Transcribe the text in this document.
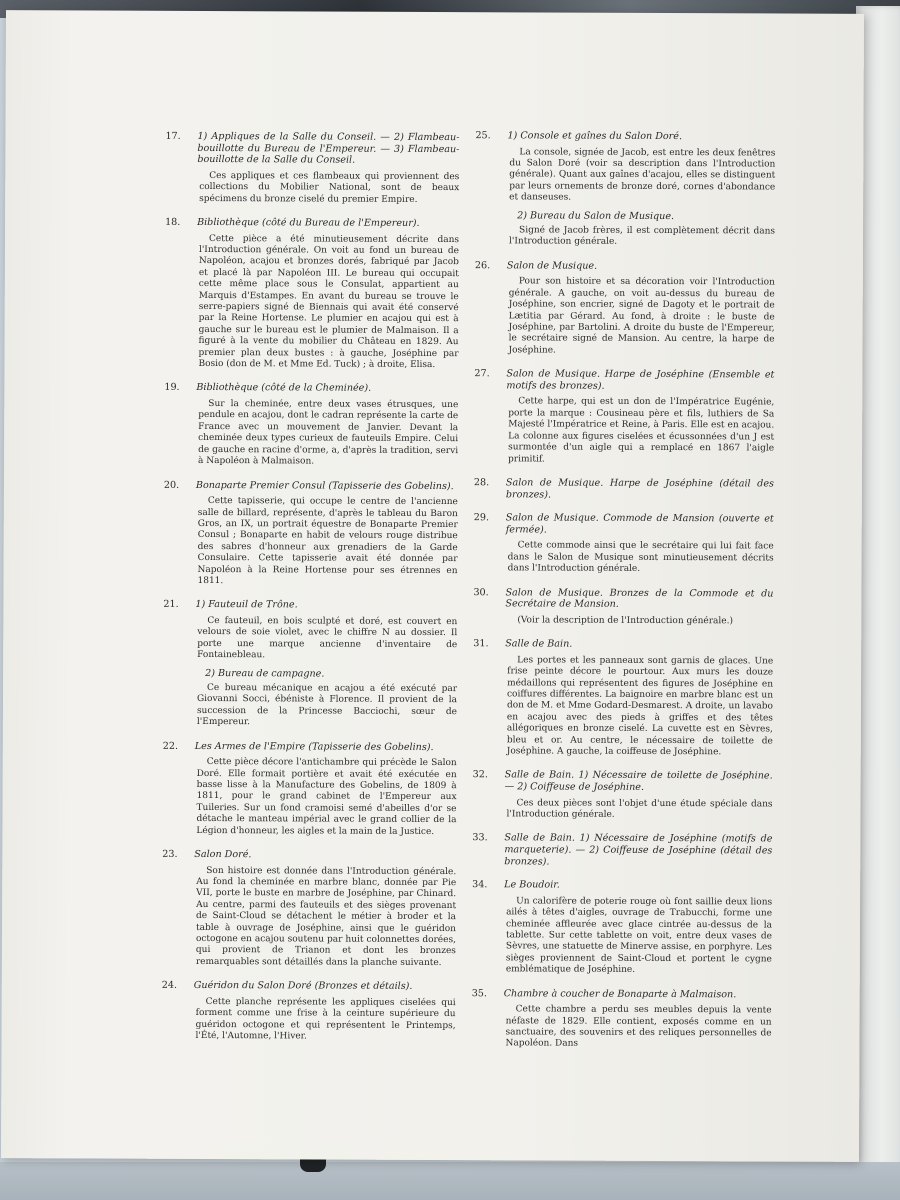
17. 1) Appliques de la Salle du Conseil. — 2) Flambeau-bouillotte du Bureau de l'Empereur. — 3) Flambeau-bouillotte de la Salle du Conseil.

Ces appliques et ces flambeaux qui proviennent des collections du Mobilier National, sont de beaux spécimens du bronze ciselé du premier Empire.

18. Bibliothèque (côté du Bureau de l'Empereur).

Cette pièce a été minutieusement décrite dans l'Introduction générale. On voit au fond un bureau de Napoléon, acajou et bronzes dorés, fabriqué par Jacob et placé là par Napoléon III. Le bureau qui occupait cette même place sous le Consulat, appartient au Marquis d'Estampes. En avant du bureau se trouve le serre-papiers signé de Biennais qui avait été conservé par la Reine Hortense. Le plumier en acajou qui est à gauche sur le bureau est le plumier de Malmaison. Il a figuré à la vente du mobilier du Château en 1829. Au premier plan deux bustes : à gauche, Joséphine par Bosio (don de M. et Mme Ed. Tuck) ; à droite, Elisa.

19. Bibliothèque (côté de la Cheminée).

Sur la cheminée, entre deux vases étrusques, une pendule en acajou, dont le cadran représente la carte de France avec un mouvement de Janvier. Devant la cheminée deux types curieux de fauteuils Empire. Celui de gauche en racine d'orme, a, d'après la tradition, servi à Napoléon à Malmaison.

20. Bonaparte Premier Consul (Tapisserie des Gobelins).

Cette tapisserie, qui occupe le centre de l'ancienne salle de billard, représente, d'après le tableau du Baron Gros, an IX, un portrait équestre de Bonaparte Premier Consul ; Bonaparte en habit de velours rouge distribue des sabres d'honneur aux grenadiers de la Garde Consulaire. Cette tapisserie avait été donnée par Napoléon à la Reine Hortense pour ses étrennes en 1811.

21. 1) Fauteuil de Trône.

Ce fauteuil, en bois sculpté et doré, est couvert en velours de soie violet, avec le chiffre N au dossier. Il porte une marque ancienne d'inventaire de Fontainebleau.

2) Bureau de campagne.

Ce bureau mécanique en acajou a été exécuté par Giovanni Socci, ébéniste à Florence. Il provient de la succession de la Princesse Bacciochi, sœur de l'Empereur.

22. Les Armes de l'Empire (Tapisserie des Gobelins).

Cette pièce décore l'antichambre qui précède le Salon Doré. Elle formait portière et avait été exécutée en basse lisse à la Manufacture des Gobelins, de 1809 à 1811, pour le grand cabinet de l'Empereur aux Tuileries. Sur un fond cramoisi semé d'abeilles d'or se détache le manteau impérial avec le grand collier de la Légion d'honneur, les aigles et la main de la Justice.

23. Salon Doré.

Son histoire est donnée dans l'Introduction générale. Au fond la cheminée en marbre blanc, donnée par Pie VII, porte le buste en marbre de Joséphine, par Chinard. Au centre, parmi des fauteuils et des sièges provenant de Saint-Cloud se détachent le métier à broder et la table à ouvrage de Joséphine, ainsi que le guéridon octogone en acajou soutenu par huit colonnettes dorées, qui provient de Trianon et dont les bronzes remarquables sont détaillés dans la planche suivante.

24. Guéridon du Salon Doré (Bronzes et détails).

Cette planche représente les appliques ciselées qui forment comme une frise à la ceinture supérieure du guéridon octogone et qui représentent le Printemps, l'Été, l'Automne, l'Hiver.

25. 1) Console et gaînes du Salon Doré.

La console, signée de Jacob, est entre les deux fenêtres du Salon Doré (voir sa description dans l'Introduction générale). Quant aux gaînes d'acajou, elles se distinguent par leurs ornements de bronze doré, cornes d'abondance et danseuses.

2) Bureau du Salon de Musique.

Signé de Jacob frères, il est complètement décrit dans l'Introduction générale.

26. Salon de Musique.

Pour son histoire et sa décoration voir l'Introduction générale. A gauche, on voit au-dessus du bureau de Joséphine, son encrier, signé de Dagoty et le portrait de Lætitia par Gérard. Au fond, à droite : le buste de Joséphine, par Bartolini. A droite du buste de l'Empereur, le secrétaire signé de Mansion. Au centre, la harpe de Joséphine.

27. Salon de Musique. Harpe de Joséphine (Ensemble et motifs des bronzes).

Cette harpe, qui est un don de l'Impératrice Eugénie, porte la marque : Cousineau père et fils, luthiers de Sa Majesté l'Impératrice et Reine, à Paris. Elle est en acajou. La colonne aux figures ciselées et écussonnées d'un J est surmontée d'un aigle qui a remplacé en 1867 l'aigle primitif.

28. Salon de Musique. Harpe de Joséphine (détail des bronzes).
29. Salon de Musique. Commode de Mansion (ouverte et fermée).

Cette commode ainsi que le secrétaire qui lui fait face dans le Salon de Musique sont minutieusement décrits dans l'Introduction générale.

30. Salon de Musique. Bronzes de la Commode et du Secrétaire de Mansion.

(Voir la description de l'Introduction générale.)

31. Salle de Bain.

Les portes et les panneaux sont garnis de glaces. Une frise peinte décore le pourtour. Aux murs les douze médaillons qui représentent des figures de Joséphine en coiffures différentes. La baignoire en marbre blanc est un don de M. et Mme Godard-Desmarest. A droite, un lavabo en acajou avec des pieds à griffes et des têtes allégoriques en bronze ciselé. La cuvette est en Sèvres, bleu et or. Au centre, le nécessaire de toilette de Joséphine. A gauche, la coiffeuse de Joséphine.

32. Salle de Bain. 1) Nécessaire de toilette de Joséphine. — 2) Coiffeuse de Joséphine.

Ces deux pièces sont l'objet d'une étude spéciale dans l'Introduction générale.

33. Salle de Bain. 1) Nécessaire de Joséphine (motifs de marqueterie). — 2) Coiffeuse de Joséphine (détail des bronzes).
34. Le Boudoir.

Un calorifère de poterie rouge où font saillie deux lions ailés à têtes d'aigles, ouvrage de Trabucchi, forme une cheminée affleurée avec glace cintrée au-dessus de la tablette. Sur cette tablette on voit, entre deux vases de Sèvres, une statuette de Minerve assise, en porphyre. Les sièges proviennent de Saint-Cloud et portent le cygne emblématique de Joséphine.

35. Chambre à coucher de Bonaparte à Malmaison.

Cette chambre a perdu ses meubles depuis la vente néfaste de 1829. Elle contient, exposés comme en un sanctuaire, des souvenirs et des reliques personnelles de Napoléon. Dans
